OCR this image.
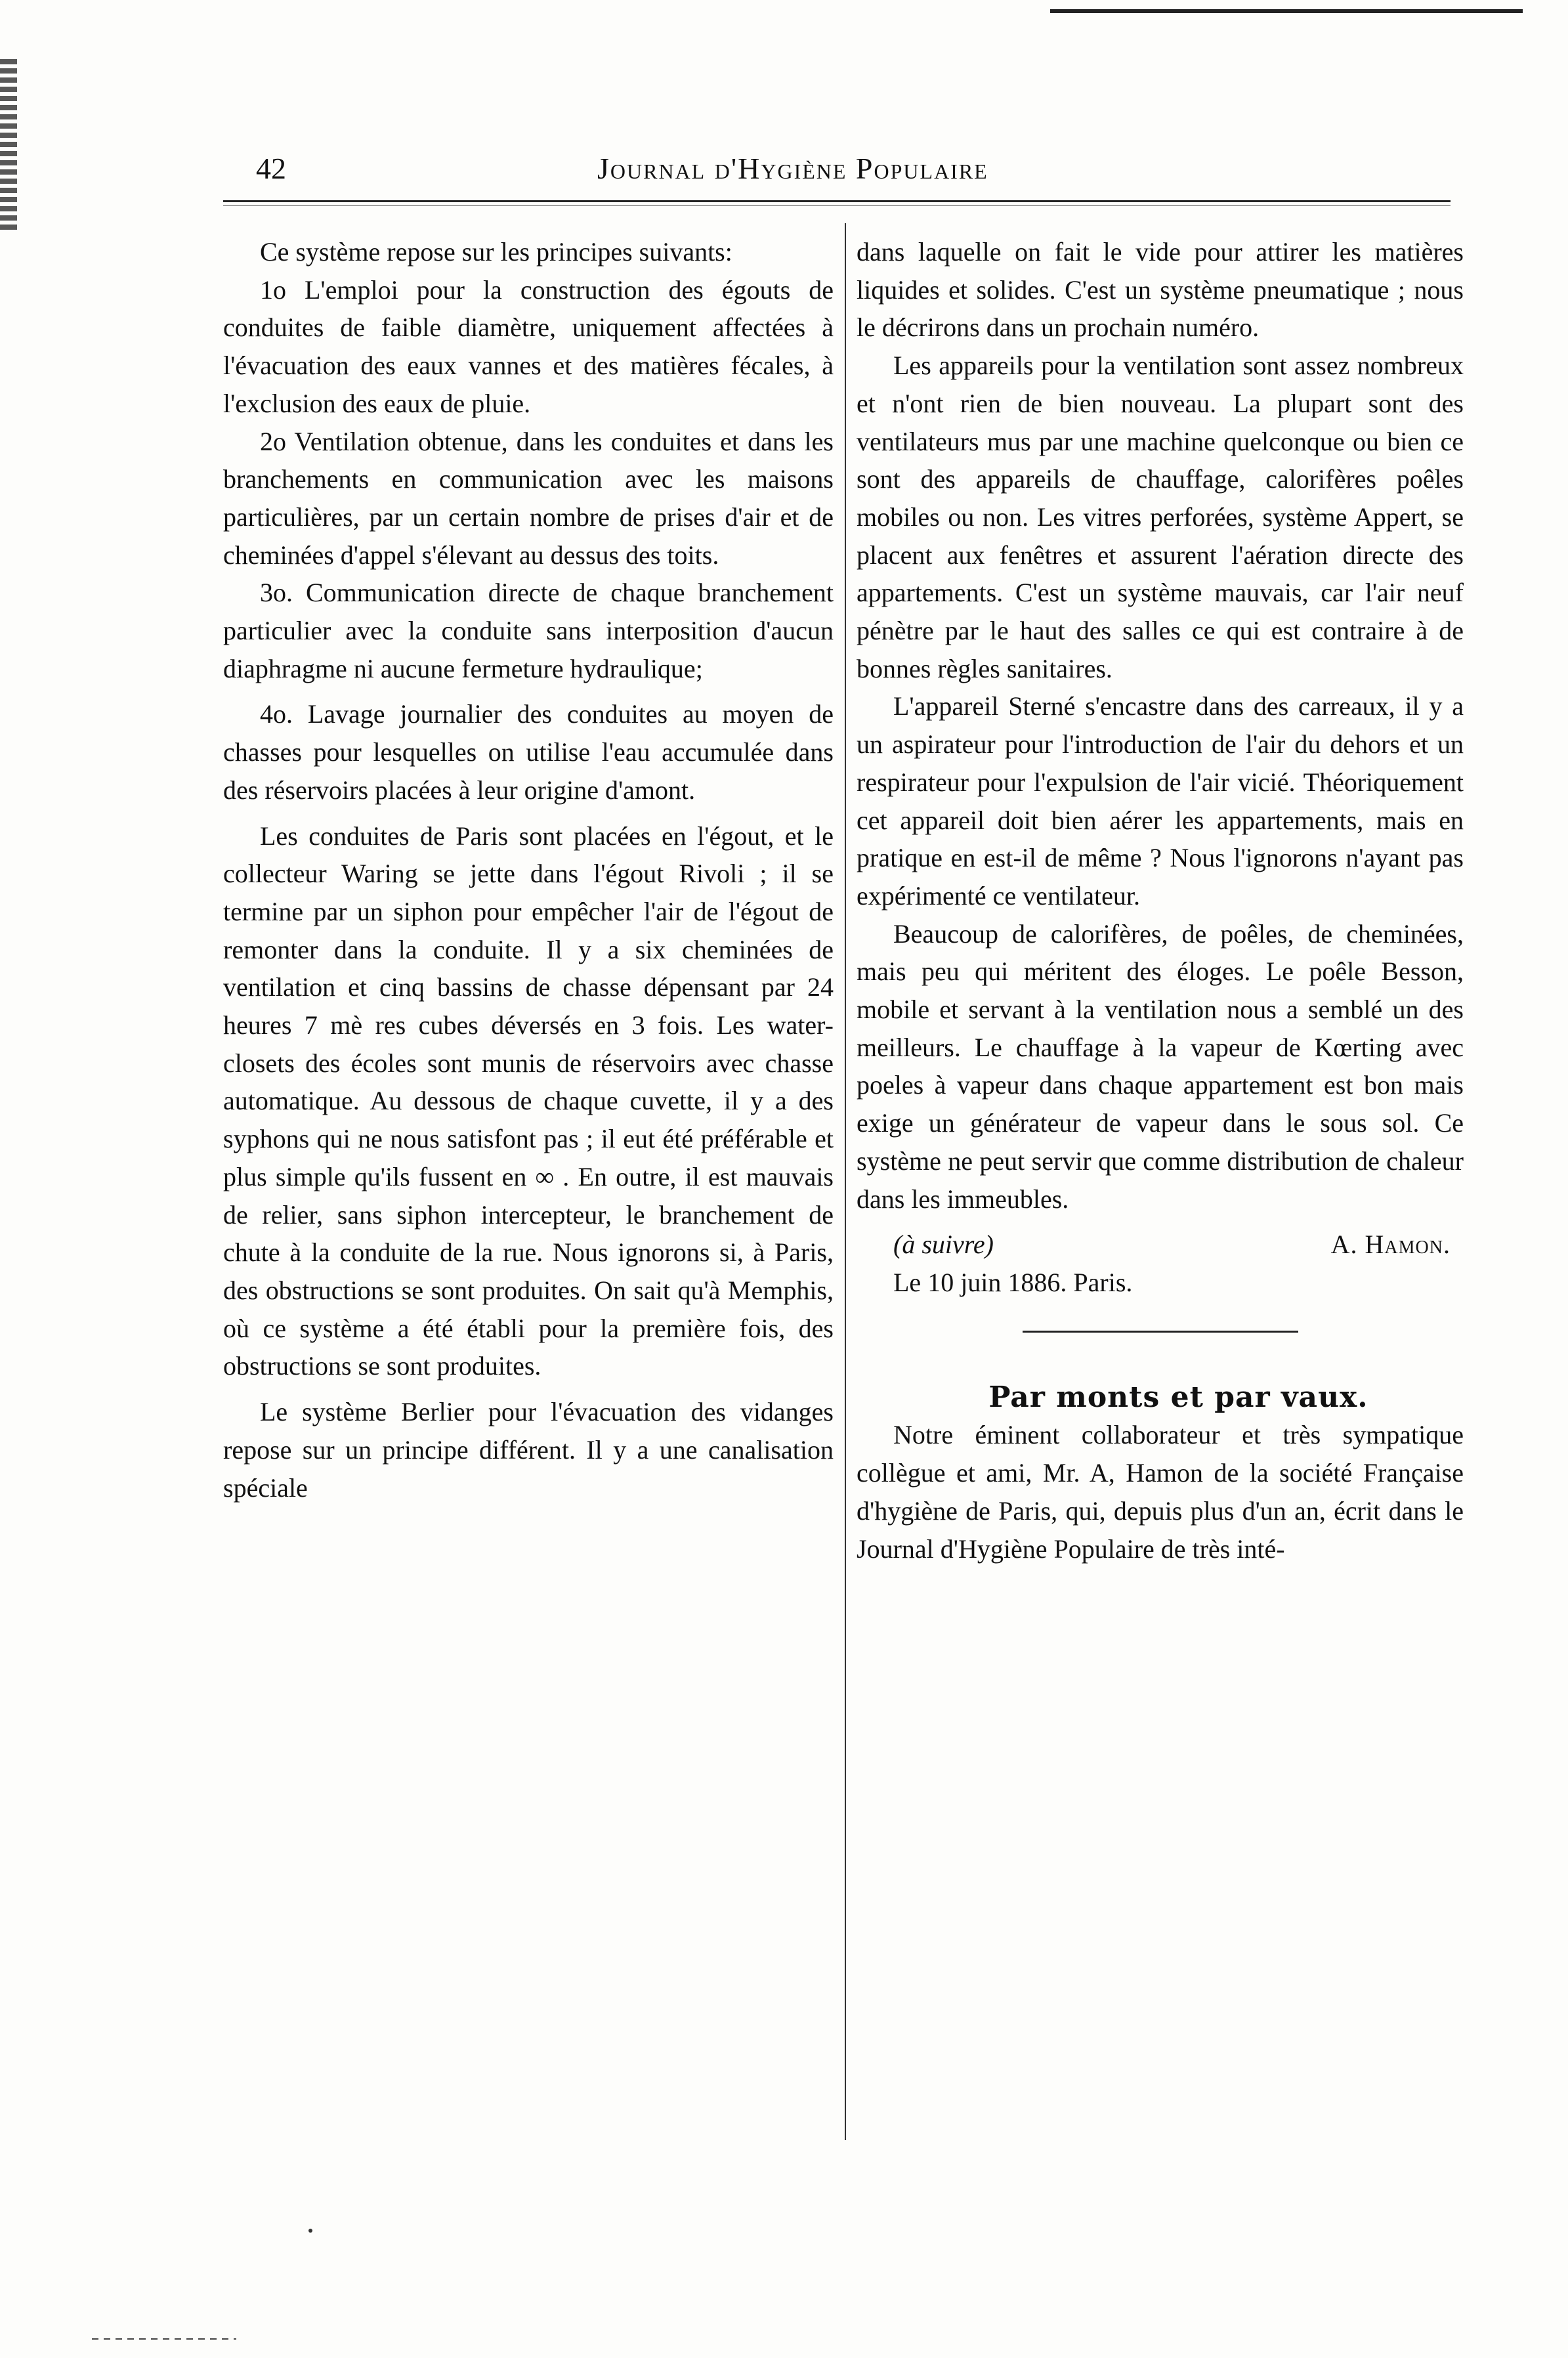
42	Journal d'Hygiène Populaire

Ce système repose sur les principes suivants:

1o L'emploi pour la construction des égouts de conduites de faible diamètre, uniquement affectées à l'évacuation des eaux vannes et des matières fécales, à l'exclusion des eaux de pluie.

2o Ventilation obtenue, dans les conduites et dans les branchements en communication avec les maisons particulières, par un certain nombre de prises d'air et de cheminées d'appel s'élevant au dessus des toits.

3o. Communication directe de chaque branchement particulier avec la conduite sans interposition d'aucun diaphragme ni aucune fermeture hydraulique;

4o. Lavage journalier des conduites au moyen de chasses pour lesquelles on utilise l'eau accumulée dans des réservoirs placées à leur origine d'amont.

Les conduites de Paris sont placées en l'égout, et le collecteur Waring se jette dans l'égout Rivoli ; il se termine par un siphon pour empêcher l'air de l'égout de remonter dans la conduite. Il y a six cheminées de ventilation et cinq bassins de chasse dépensant par 24 heures 7 mè res cubes déversés en 3 fois. Les water-closets des écoles sont munis de réservoirs avec chasse automatique. Au dessous de chaque cuvette, il y a des syphons qui ne nous satisfont pas ; il eut été préférable et plus simple qu'ils fussent en ∞ . En outre, il est mauvais de relier, sans siphon intercepteur, le branchement de chute à la conduite de la rue. Nous ignorons si, à Paris, des obstructions se sont produites. On sait qu'à Memphis, où ce système a été établi pour la première fois, des obstructions se sont produites.

Le système Berlier pour l'évacuation des vidanges repose sur un principe différent. Il y a une canalisation spéciale

dans laquelle on fait le vide pour attirer les matières liquides et solides. C'est un système pneumatique ; nous le décrirons dans un prochain numéro.

Les appareils pour la ventilation sont assez nombreux et n'ont rien de bien nouveau. La plupart sont des ventilateurs mus par une machine quelconque ou bien ce sont des appareils de chauffage, calorifères poêles mobiles ou non. Les vitres perforées, système Appert, se placent aux fenêtres et assurent l'aération directe des appartements. C'est un système mauvais, car l'air neuf pénètre par le haut des salles ce qui est contraire à de bonnes règles sanitaires.

L'appareil Sterné s'encastre dans des carreaux, il y a un aspirateur pour l'introduction de l'air du dehors et un respirateur pour l'expulsion de l'air vicié. Théoriquement cet appareil doit bien aérer les appartements, mais en pratique en est-il de même ? Nous l'ignorons n'ayant pas expérimenté ce ventilateur.

Beaucoup de calorifères, de poêles, de cheminées, mais peu qui méritent des éloges. Le poêle Besson, mobile et servant à la ventilation nous a semblé un des meilleurs. Le chauffage à la vapeur de Kœrting avec poeles à vapeur dans chaque appartement est bon mais exige un générateur de vapeur dans le sous sol. Ce système ne peut servir que comme distribution de chaleur dans les immeubles.

(à suivre)	A. Hamon.
Le 10 juin 1886. Paris.

Par monts et par vaux.

Notre éminent collaborateur et très sympatique collègue et ami, Mr. A, Hamon de la société Française d'hygiène de Paris, qui, depuis plus d'un an, écrit dans le Journal d'Hygiène Populaire de très inté-
